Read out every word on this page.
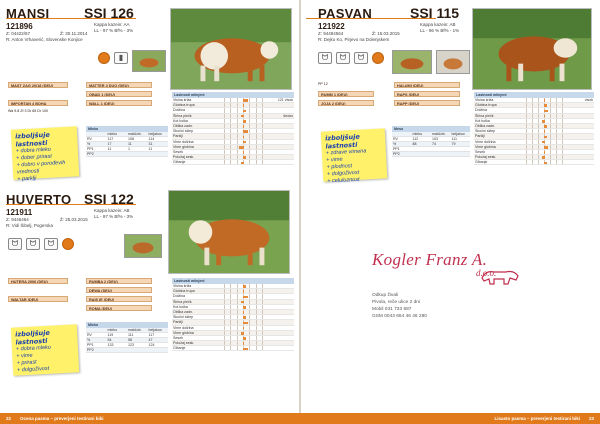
MANSI SSI 126
121896
Z: 04422/67	Ž: 30.11.2014
R: Anton Vrhaverić, Slovenske Konjice
Kappa kazein: AA
LL - 97 % Bf% - 3%
▮
MAST ZAG 20/18 (DEU)	MATTER 4 DUO (DEU)
OBAD 1 (DEU)
IMPORTAN 4 BOHA	WALL 1 (DEU)
Wa 9.8 Zf 3 Dr 65 Dr 100
izboljšuje lastnosti
+ dobra mleko
+ dober prirast
+ dobro v porođevih vrednosti
+ parklji
Mleko
mleko	maščob.	beljakov.
RV	117	108	114
%	17	11	31
PP1	11	1	11
PP2
Lastnosti mlinjeni
Visina križa	121 visok
Globina trupa
Dolžina
Širina plečk	široko
Kot kolka
Oblika zadn.
Skočni sklep
Parklji
Vime dolžina
Vime globina
Sesek
Položaj sesk.
Gibanje
PASVAN	SSI 115
121922
Z: 94494564	Ž: 15.03.2015
R: Dejko Ko, Pirjevo na Dolenjskem
Kappa kazein: AB
LL - 96 % Bf% - 1%
ᗢ	ᗢ	ᗢ
PP 12
RUMM 1 (DEU)
HALUMI (DEU)
RAPS (DEU)
JOJA 2 (DEU)	RAPP (DEU)
izboljšuje lastnosti
+ zdrave vimena
+ vime
+ plodnost
+ dolgoživost
+ celuloznost
Meso
mleko	maščob.	beljakov.
RV	112	103	111
%	88	74	79
PP1
PP2
Lastnosti mlinjeni
Visina križa	visok
Globina trupa
Dolžina
Širina plečk
Kot kolka
Oblika zadn.
Skočni sklep
Parklji
Vime dolžina
Vime globina
Sesek
Položaj sesk.
Gibanje
HUVERTO SSI 122
121911
Z: 9446464	Ž: 25.03.2015
R: Vidi Šibelj, Pogerska
Kappa kazein: AB
LL - 97 % Bf% - 3%
ᗢ	ᗢ	ᗢ
HUTERA 2006 (DEU)	RUMBA 2 (DEU)
DEWA (DEU)
WALTAR (DEU)	RAIS IE (DEU)
ROMA (DEU)
izboljšuje lastnosti
+ dobra mleko
+ vime
+ prirast
+ dolgoživost
Mleko
mleko	maščob.	beljakov.
RV	119	111	117
%	54	58	47
PP1	133	123	124
PP2
Lastnosti mlinjeni
Visina križa
Globina trupa
Dolžina
Širina plečk
Kot kolka
Oblika zadn.
Skočni sklep
Parklji
Vime dolžina
Vime globina
Sesek
Položaj sesk.
Gibanje
Kogler Franz A.
d.o.o.
Odkup živali
Pivola, reče ulice 2 dni
Mobil 031 733 687
GSM 0043 664 46 46 280
22 Ocena pasma – preverjeni testirani biki	Lisasto pasma – preverjeni testirani biki 23
